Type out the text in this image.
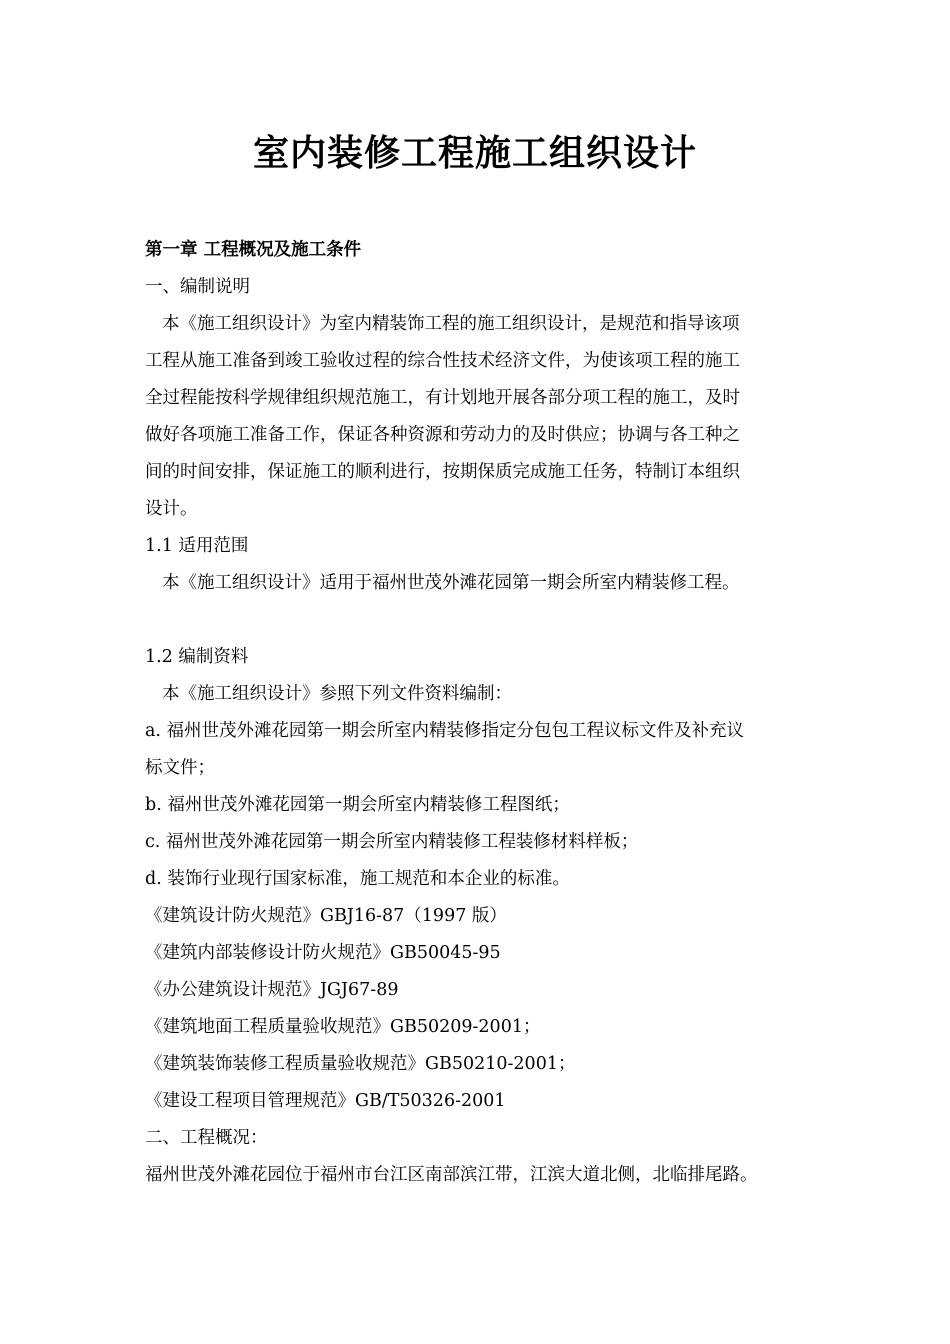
室内装修工程施工组织设计
第一章 工程概况及施工条件
一、编制说明
本《施工组织设计》为室内精装饰工程的施工组织设计，是规范和指导该项
工程从施工准备到竣工验收过程的综合性技术经济文件，为使该项工程的施工
全过程能按科学规律组织规范施工，有计划地开展各部分项工程的施工，及时
做好各项施工准备工作，保证各种资源和劳动力的及时供应；协调与各工种之
间的时间安排，保证施工的顺利进行，按期保质完成施工任务，特制订本组织
设计。
1.1 适用范围
本《施工组织设计》适用于福州世茂外滩花园第一期会所室内精装修工程。
1.2 编制资料
本《施工组织设计》参照下列文件资料编制：
a. 福州世茂外滩花园第一期会所室内精装修指定分包包工程议标文件及补充议
标文件；
b. 福州世茂外滩花园第一期会所室内精装修工程图纸；
c. 福州世茂外滩花园第一期会所室内精装修工程装修材料样板；
d. 装饰行业现行国家标准，施工规范和本企业的标准。
《建筑设计防火规范》GBJ16-87（1997 版）
《建筑内部装修设计防火规范》GB50045-95
《办公建筑设计规范》JGJ67-89
《建筑地面工程质量验收规范》GB50209-2001；
《建筑装饰装修工程质量验收规范》GB50210-2001；
《建设工程项目管理规范》GB/T50326-2001
二、工程概况：
福州世茂外滩花园位于福州市台江区南部滨江带，江滨大道北侧，北临排尾路。
